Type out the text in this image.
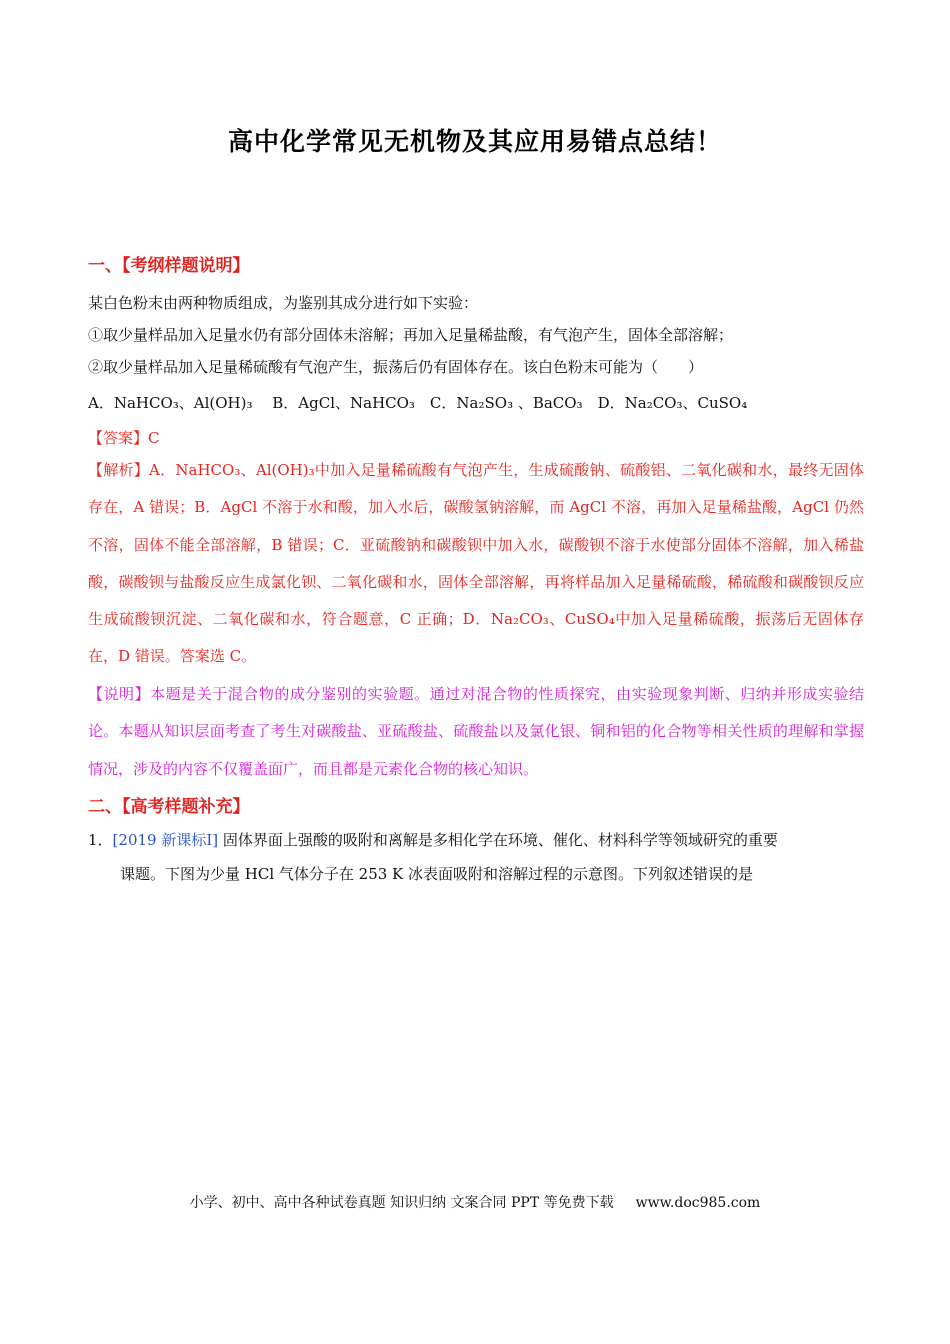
高中化学常见无机物及其应用易错点总结！
一、【考纲样题说明】
某白色粉末由两种物质组成，为鉴别其成分进行如下实验：
①取少量样品加入足量水仍有部分固体未溶解；再加入足量稀盐酸，有气泡产生，固体全部溶解；
②取少量样品加入足量稀硫酸有气泡产生，振荡后仍有固体存在。该白色粉末可能为（　　）
A．NaHCO₃、Al(OH)₃　 B．AgCl、NaHCO₃　C．Na₂SO₃ 、BaCO₃　D．Na₂CO₃、CuSO₄
【答案】C
【解析】A．NaHCO₃、Al(OH)₃中加入足量稀硫酸有气泡产生，生成硫酸钠、硫酸铝、二氧化碳和水，最终无固体存在，A 错误；B．AgCl 不溶于水和酸，加入水后，碳酸氢钠溶解，而 AgCl 不溶，再加入足量稀盐酸，AgCl 仍然不溶，固体不能全部溶解，B 错误；C．亚硫酸钠和碳酸钡中加入水，碳酸钡不溶于水使部分固体不溶解，加入稀盐酸，碳酸钡与盐酸反应生成氯化钡、二氧化碳和水，固体全部溶解，再将样品加入足量稀硫酸，稀硫酸和碳酸钡反应生成硫酸钡沉淀、二氧化碳和水，符合题意，C 正确；D．Na₂CO₃、CuSO₄中加入足量稀硫酸，振荡后无固体存在，D 错误。答案选 C。
【说明】本题是关于混合物的成分鉴别的实验题。通过对混合物的性质探究，由实验现象判断、归纳并形成实验结论。本题从知识层面考查了考生对碳酸盐、亚硫酸盐、硫酸盐以及氯化银、铜和铝的化合物等相关性质的理解和掌握情况，涉及的内容不仅覆盖面广，而且都是元素化合物的核心知识。
二、【高考样题补充】
1．[2019 新课标Ⅰ] 固体界面上强酸的吸附和离解是多相化学在环境、催化、材料科学等领域研究的重要
课题。下图为少量 HCl 气体分子在 253 K 冰表面吸附和溶解过程的示意图。下列叙述错误的是
小学、初中、高中各种试卷真题 知识归纳 文案合同 PPT 等免费下载 www.doc985.com
